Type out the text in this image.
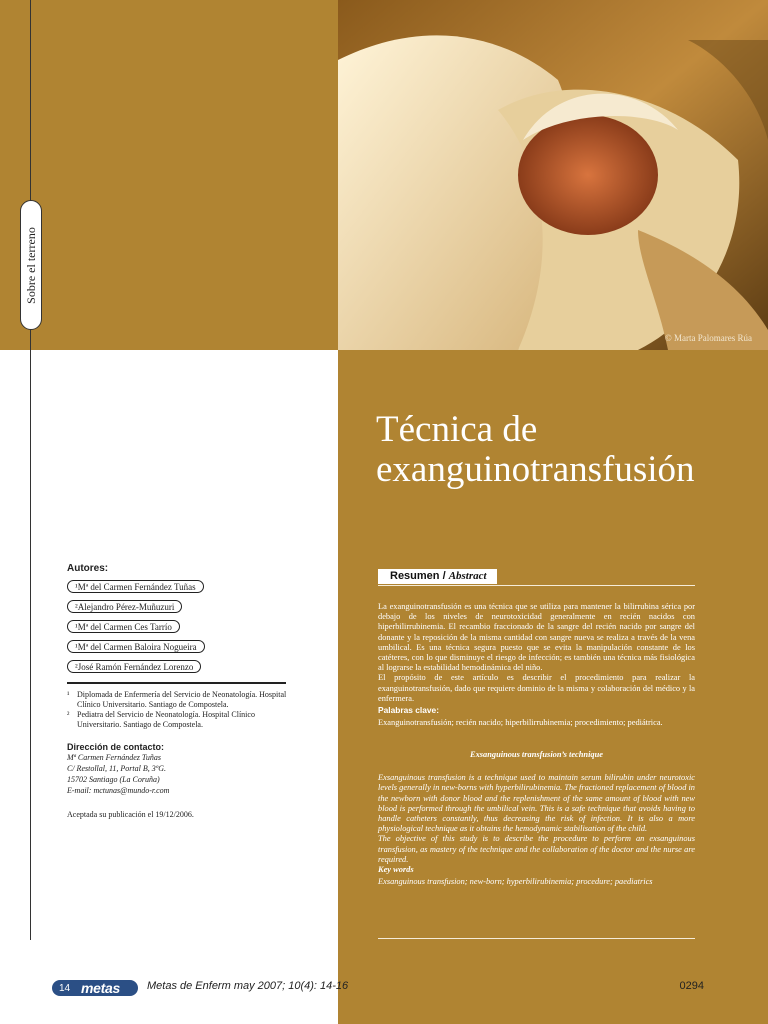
© Marta Palomares Rúa
Sobre el terreno
Técnica de
exanguinotransfusión
Autores:
¹Mª del Carmen Fernández Tuñas
²Alejandro Pérez-Muñuzuri
¹Mª del Carmen Ces Tarrío
¹Mª del Carmen Baloira Nogueira
²José Ramón Fernández Lorenzo
¹ Diplomada de Enfermería del Servicio de Neonatología. Hospital Clínico Universitario. Santiago de Compostela.
² Pediatra del Servicio de Neonatología. Hospital Clínico Universitario. Santiago de Compostela.
Dirección de contacto:
Mª Carmen Fernández Tuñas
C/ Restollal, 11, Portal B, 3ºG.
15702 Santiago (La Coruña)
E-mail: mctunas@mundo-r.com
Aceptada su publicación el 19/12/2006.
Resumen / Abstract
La exanguinotransfusión es una técnica que se utiliza para mantener la bilirrubina sérica por debajo de los niveles de neurotoxicidad generalmente en recién nacidos con hiperbilirrubinemia. El recambio fraccionado de la sangre del recién nacido por sangre del donante y la reposición de la misma cantidad con sangre nueva se realiza a través de la vena umbilical. Es una técnica segura puesto que se evita la manipulación constante de los catéteres, con lo que disminuye el riesgo de infección; es también una técnica más fisiológica al lograrse la estabilidad hemodinámica del niño.
El propósito de este artículo es describir el procedimiento para realizar la exanguinotransfusión, dado que requiere dominio de la misma y colaboración del médico y la enfermera.
Palabras clave:
Exanguinotransfusión; recién nacido; hiperbilirrubinemia; procedimiento; pediátrica.
Exsanguinous transfusion’s technique
Exsanguinous transfusion is a technique used to maintain serum bilirubin under neurotoxic levels generally in new-borns with hyperbilirubinemia. The fractioned replacement of blood in the newborn with donor blood and the replenishment of the same amount of blood with new blood is performed through the umbilical vein. This is a safe technique that avoids having to handle catheters constantly, thus decreasing the risk of infection. It is also a more physiological technique as it obtains the hemodynamic stabilisation of the child.
The objective of this study is to describe the procedure to perform an exsanguinous transfusion, as mastery of the technique and the collaboration of the doctor and the nurse are required.
Key words
Exsanguinous transfusion; new-born; hyperbilirubinemia; procedure; paediatrics
14 metas Metas de Enferm may 2007; 10(4): 14-16	0294
